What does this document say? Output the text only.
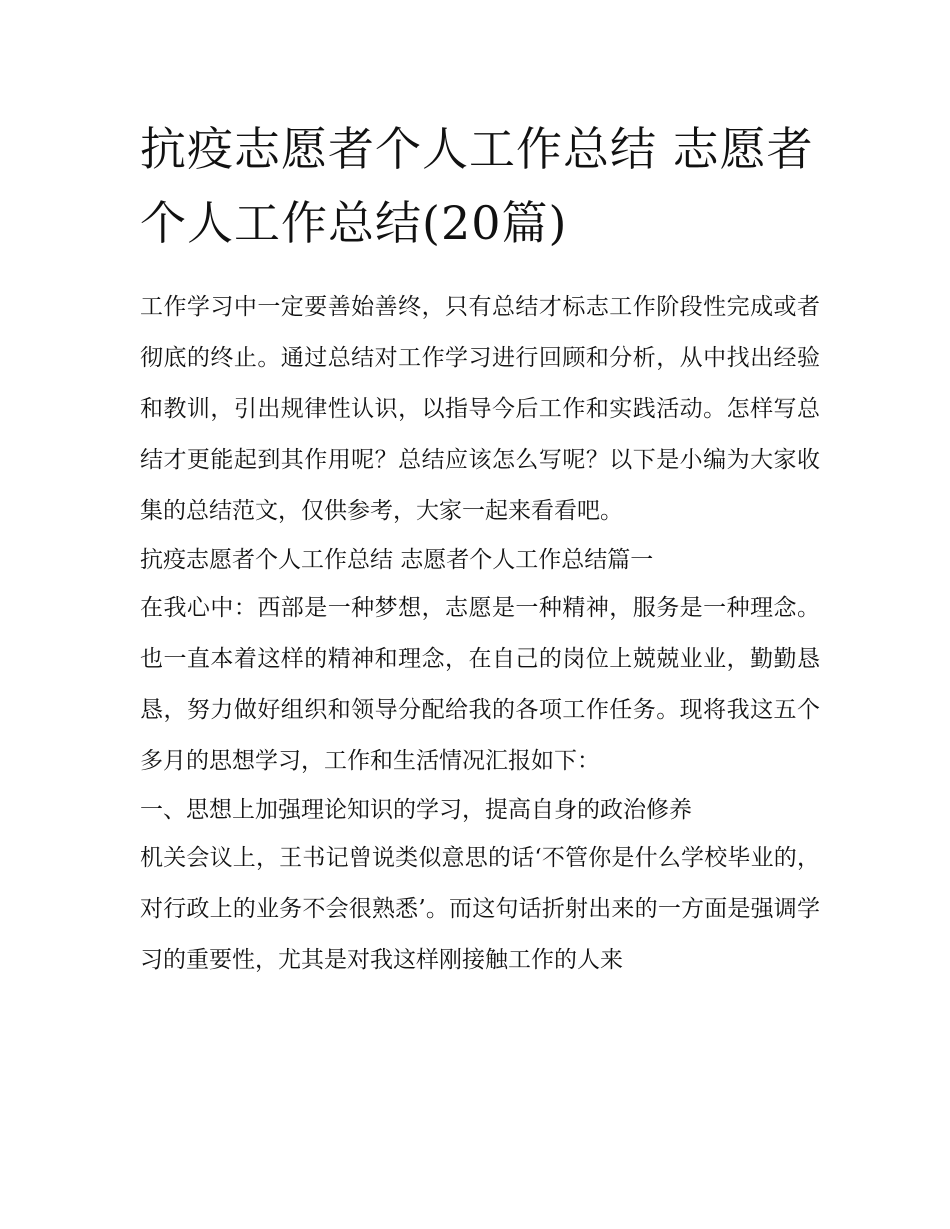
抗疫志愿者个人工作总结 志愿者个人工作总结(20篇)

工作学习中一定要善始善终，只有总结才标志工作阶段性完成或者彻底的终止。通过总结对工作学习进行回顾和分析，从中找出经验和教训，引出规律性认识，以指导今后工作和实践活动。怎样写总结才更能起到其作用呢？总结应该怎么写呢？以下是小编为大家收集的总结范文，仅供参考，大家一起来看看吧。

抗疫志愿者个人工作总结 志愿者个人工作总结篇一

在我心中：西部是一种梦想，志愿是一种精神，服务是一种理念。也一直本着这样的精神和理念，在自己的岗位上兢兢业业，勤勤恳恳，努力做好组织和领导分配给我的各项工作任务。现将我这五个多月的思想学习，工作和生活情况汇报如下：

一、思想上加强理论知识的学习，提高自身的政治修养

机关会议上，王书记曾说类似意思的话‘不管你是什么学校毕业的，对行政上的业务不会很熟悉’。而这句话折射出来的一方面是强调学习的重要性，尤其是对我这样刚接触工作的人来
